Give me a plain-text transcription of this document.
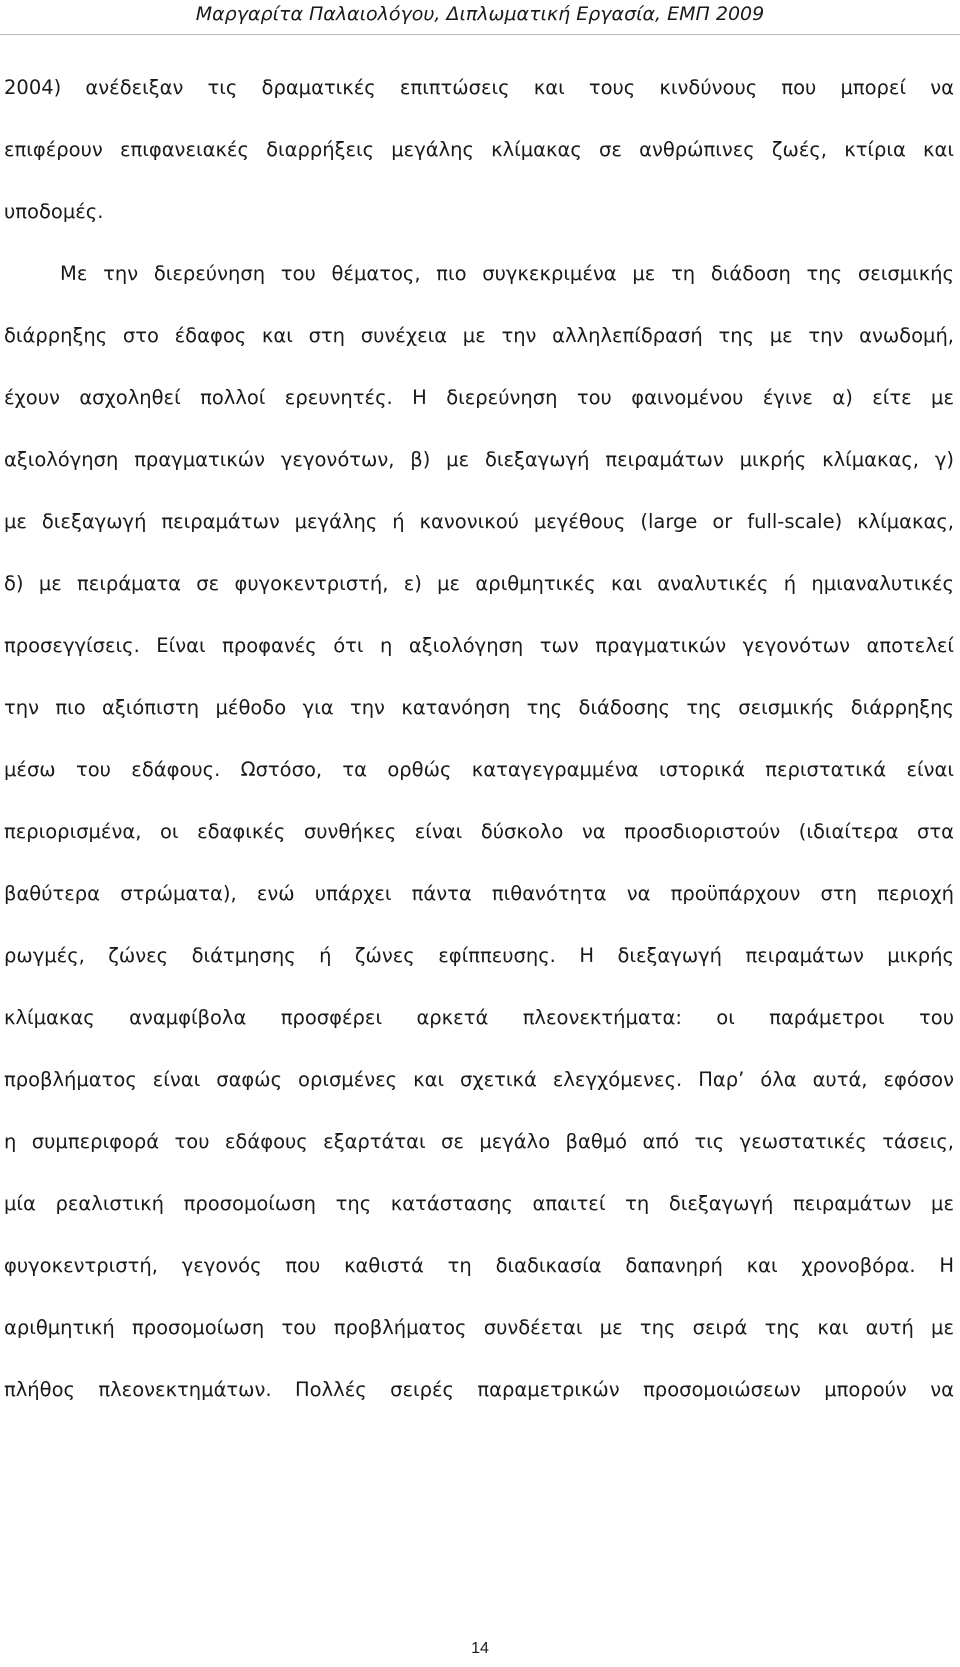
Μαργαρίτα Παλαιολόγου, Διπλωματική Εργασία, ΕΜΠ 2009
2004) ανέδειξαν τις δραματικές επιπτώσεις και τους κινδύνους που μπορεί να
επιφέρουν επιφανειακές διαρρήξεις μεγάλης κλίμακας σε ανθρώπινες ζωές, κτίρια και
υποδομές.
Με την διερεύνηση του θέματος, πιο συγκεκριμένα με τη διάδοση της σεισμικής
διάρρηξης στο έδαφος και στη συνέχεια με την αλληλεπίδρασή της με την ανωδομή,
έχουν ασχοληθεί πολλοί ερευνητές. Η διερεύνηση του φαινομένου έγινε α) είτε με
αξιολόγηση πραγματικών γεγονότων, β) με διεξαγωγή πειραμάτων μικρής κλίμακας, γ)
με διεξαγωγή πειραμάτων μεγάλης ή κανονικού μεγέθους (large or full-scale) κλίμακας,
δ) με πειράματα σε φυγοκεντριστή, ε) με αριθμητικές και αναλυτικές ή ημιαναλυτικές
προσεγγίσεις. Είναι προφανές ότι η αξιολόγηση των πραγματικών γεγονότων αποτελεί
την πιο αξιόπιστη μέθοδο για την κατανόηση της διάδοσης της σεισμικής διάρρηξης
μέσω του εδάφους. Ωστόσο, τα ορθώς καταγεγραμμένα ιστορικά περιστατικά είναι
περιορισμένα, οι εδαφικές συνθήκες είναι δύσκολο να προσδιοριστούν (ιδιαίτερα στα
βαθύτερα στρώματα), ενώ υπάρχει πάντα πιθανότητα να προϋπάρχουν στη περιοχή
ρωγμές, ζώνες διάτμησης ή ζώνες εφίππευσης. Η διεξαγωγή πειραμάτων μικρής
κλίμακας αναμφίβολα προσφέρει αρκετά πλεονεκτήματα: οι παράμετροι του
προβλήματος είναι σαφώς ορισμένες και σχετικά ελεγχόμενες. Παρ’ όλα αυτά, εφόσον
η συμπεριφορά του εδάφους εξαρτάται σε μεγάλο βαθμό από τις γεωστατικές τάσεις,
μία ρεαλιστική προσομοίωση της κατάστασης απαιτεί τη διεξαγωγή πειραμάτων με
φυγοκεντριστή, γεγονός που καθιστά τη διαδικασία δαπανηρή και χρονοβόρα. Η
αριθμητική προσομοίωση του προβλήματος συνδέεται με της σειρά της και αυτή με
πλήθος πλεονεκτημάτων. Πολλές σειρές παραμετρικών προσομοιώσεων μπορούν να
14
